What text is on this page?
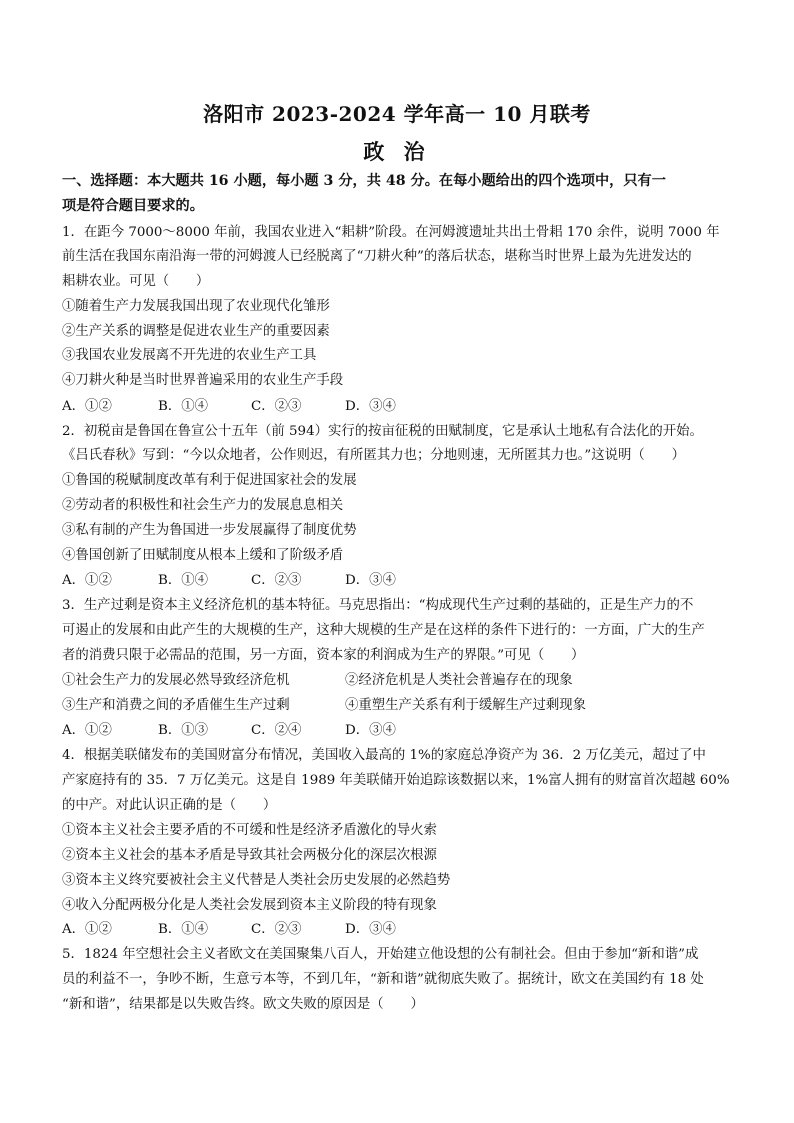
洛阳市 2023-2024 学年高一 10 月联考
政 治
一、选择题：本大题共 16 小题，每小题 3 分，共 48 分。在每小题给出的四个选项中，只有一
项是符合题目要求的。
1．在距今 7000～8000 年前，我国农业进入“耜耕”阶段。在河姆渡遗址共出土骨耜 170 余件，说明 7000 年
前生活在我国东南沿海一带的河姆渡人已经脱离了“刀耕火种”的落后状态，堪称当时世界上最为先进发达的
耜耕农业。可见（　　）
①随着生产力发展我国出现了农业现代化雏形
②生产关系的调整是促进农业生产的重要因素
③我国农业发展离不开先进的农业生产工具
④刀耕火种是当时世界普遍采用的农业生产手段
A．①②	B．①④	C．②③	D．③④
2．初税亩是鲁国在鲁宣公十五年（前 594）实行的按亩征税的田赋制度，它是承认土地私有合法化的开始。
《吕氏春秋》写到：“今以众地者，公作则迟，有所匿其力也；分地则速，无所匿其力也。”这说明（　　）
①鲁国的税赋制度改革有利于促进国家社会的发展
②劳动者的积极性和社会生产力的发展息息相关
③私有制的产生为鲁国进一步发展赢得了制度优势
④鲁国创新了田赋制度从根本上缓和了阶级矛盾
A．①②	B．①④	C．②③	D．③④
3．生产过剩是资本主义经济危机的基本特征。马克思指出：“构成现代生产过剩的基础的，正是生产力的不
可遏止的发展和由此产生的大规模的生产，这种大规模的生产是在这样的条件下进行的：一方面，广大的生产
者的消费只限于必需品的范围，另一方面，资本家的利润成为生产的界限。”可见（　　）
①社会生产力的发展必然导致经济危机	②经济危机是人类社会普遍存在的现象
③生产和消费之间的矛盾催生生产过剩	④重塑生产关系有利于缓解生产过剩现象
A．①②	B．①③	C．②④	D．③④
4．根据美联储发布的美国财富分布情况，美国收入最高的 1%的家庭总净资产为 36．2 万亿美元，超过了中
产家庭持有的 35．7 万亿美元。这是自 1989 年美联储开始追踪该数据以来，1%富人拥有的财富首次超越 60%
的中产。对此认识正确的是（　　）
①资本主义社会主要矛盾的不可缓和性是经济矛盾激化的导火索
②资本主义社会的基本矛盾是导致其社会两极分化的深层次根源
③资本主义终究要被社会主义代替是人类社会历史发展的必然趋势
④收入分配两极分化是人类社会发展到资本主义阶段的特有现象
A．①②	B．①④	C．②③	D．③④
5．1824 年空想社会主义者欧文在美国聚集八百人，开始建立他设想的公有制社会。但由于参加“新和谐”成
员的利益不一，争吵不断，生意亏本等，不到几年，“新和谐”就彻底失败了。据统计，欧文在美国约有 18 处
“新和谐”，结果都是以失败告终。欧文失败的原因是（　　）
